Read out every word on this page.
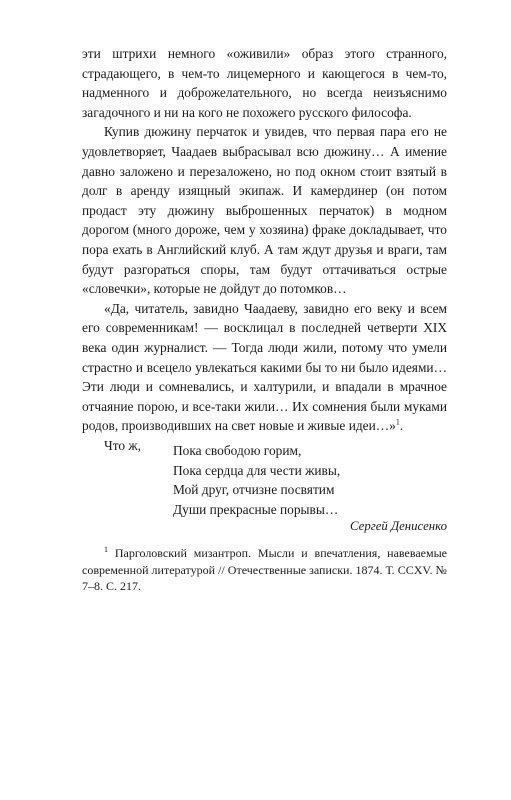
эти штрихи немного «оживили» образ этого странного, страдающего, в чем-то лицемерного и кающегося в чем-то, надменного и доброжелательного, но всегда неизъяснимо загадочного и ни на кого не похожего русского философа.

Купив дюжину перчаток и увидев, что первая пара его не удовлетворяет, Чаадаев выбрасывал всю дюжину… А имение давно заложено и перезаложено, но под окном стоит взятый в долг в аренду изящный экипаж. И камердинер (он потом продаст эту дюжину выброшенных перчаток) в модном дорогом (много дороже, чем у хозяина) фраке докладывает, что пора ехать в Английский клуб. А там ждут друзья и враги, там будут разгораться споры, там будут оттачиваться острые «словечки», которые не дойдут до потомков…

«Да, читатель, завидно Чаадаеву, завидно его веку и всем его современникам! — восклицал в последней четверти XIX века один журналист. — Тогда люди жили, потому что умели страстно и всецело увлекаться какими бы то ни было идеями… Эти люди и сомневались, и халтурили, и впадали в мрачное отчаяние порою, и все-таки жили… Их сомнения были муками родов, производивших на свет новые и живые идеи…»$^1$.

Что ж,	Пока свободою горим,
Пока сердца для чести живы,
Мой друг, отчизне посвятим
Души прекрасные порывы…
Сергей Денисенко

$^1$ Парголовский мизантроп. Мысли и впечатления, навеваемые современной литературой // Отечественные записки. 1874. Т. CCXV. № 7–8. С. 217.
